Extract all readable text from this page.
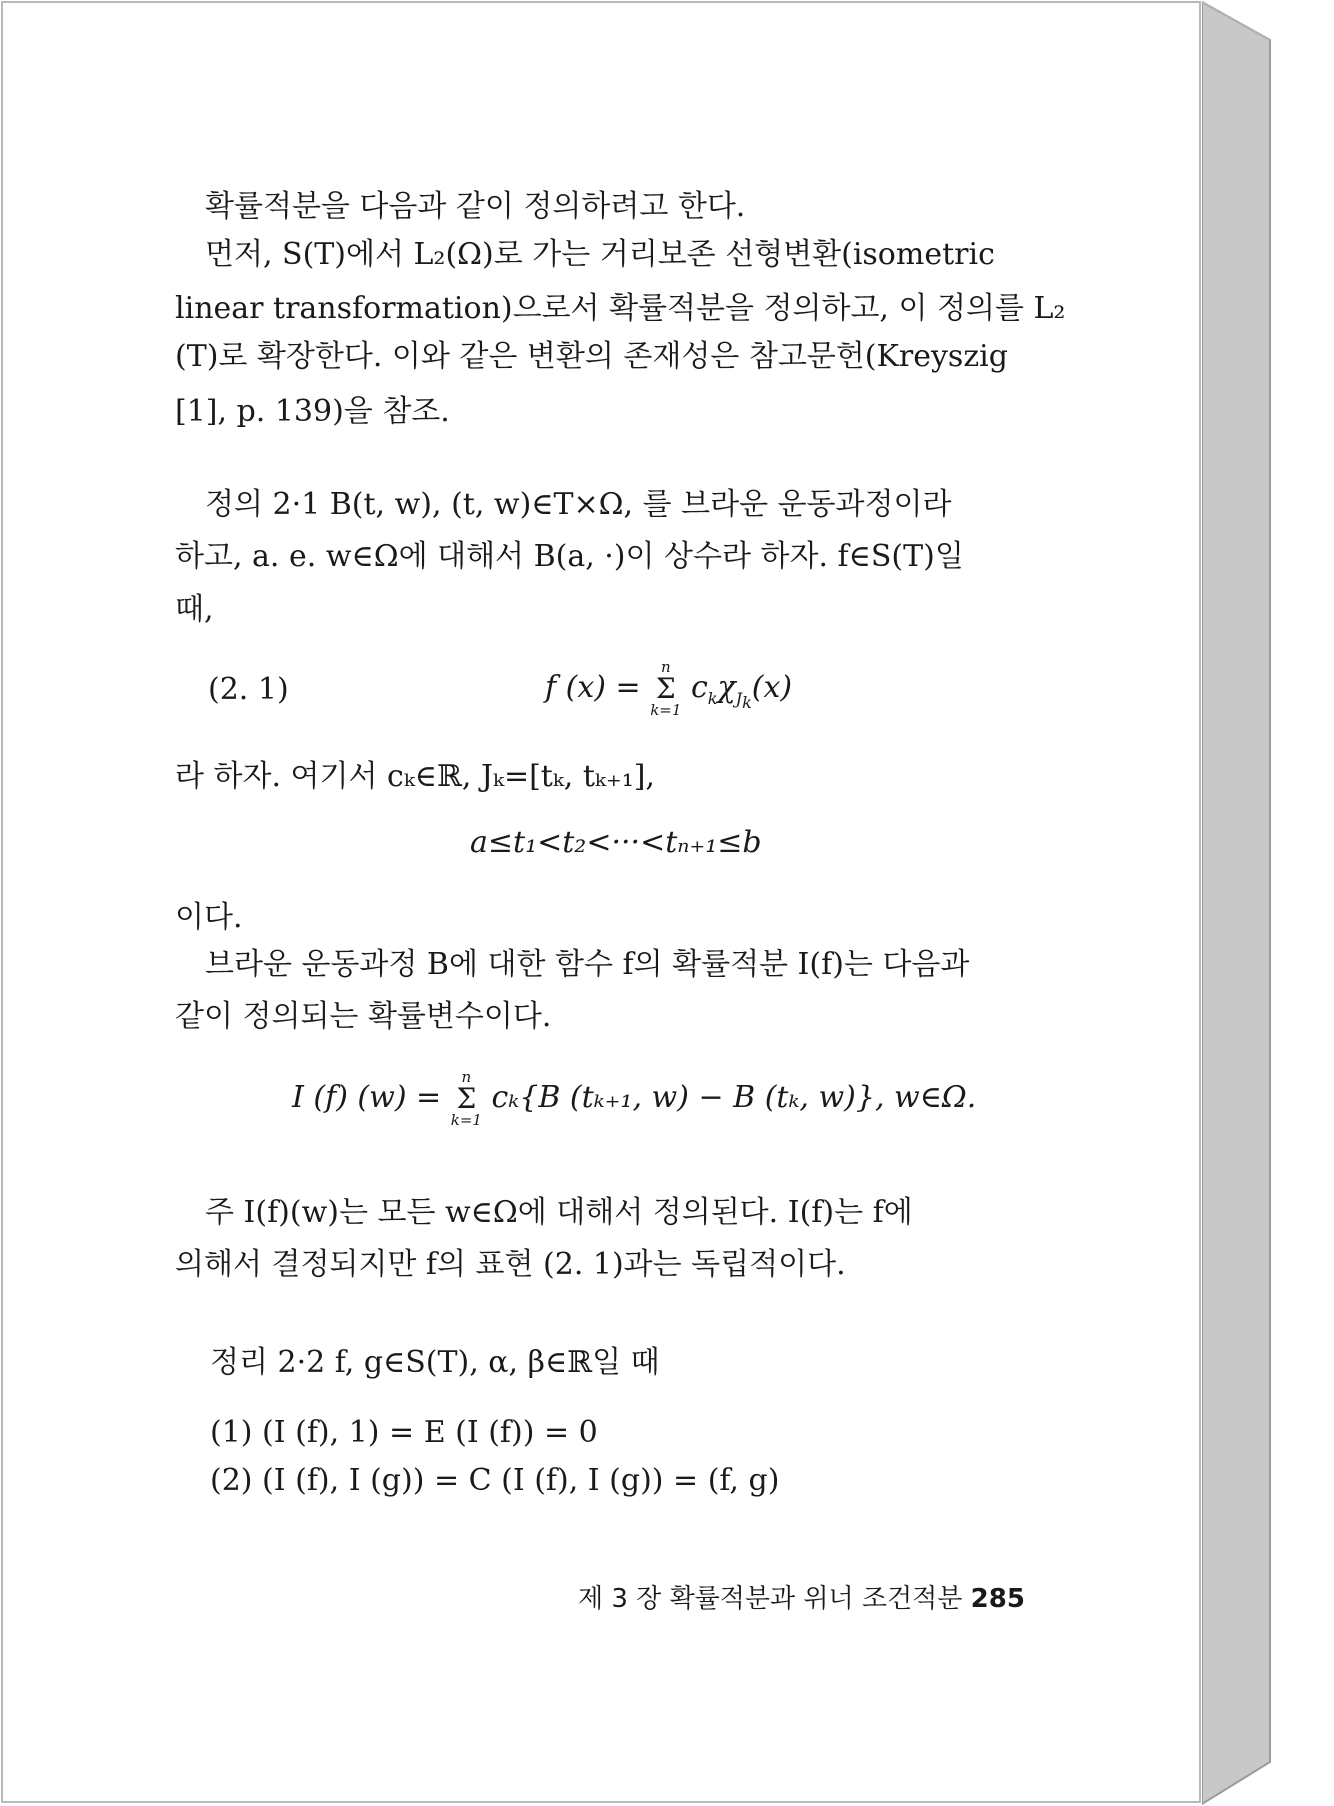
확률적분을 다음과 같이 정의하려고 한다.
먼저, S(T)에서 L₂(Ω)로 가는 거리보존 선형변환(isometric
linear transformation)으로서 확률적분을 정의하고, 이 정의를 L₂
(T)로 확장한다. 이와 같은 변환의 존재성은 참고문헌(Kreyszig
[1], p. 139)을 참조.
정의 2·1 B(t, w), (t, w)∈T×Ω, 를 브라운 운동과정이라
하고, a. e. w∈Ω에 대해서 B(a, ·)이 상수라 하자. f∈S(T)일
때,
(2. 1)	f (x) =
n
Σ
k=1
$c_k\chi_{J_k}(x)$
라 하자. 여기서 cₖ∈ℝ, Jₖ=[tₖ, tₖ₊₁],
a≤t₁<t₂<···<tₙ₊₁≤b
이다.
브라운 운동과정 B에 대한 함수 f의 확률적분 I(f)는 다음과
같이 정의되는 확률변수이다.
I (f) (w) =
n
Σ
k=1
cₖ{B (tₖ₊₁, w) − B (tₖ, w)}, w∈Ω.
주 I(f)(w)는 모든 w∈Ω에 대해서 정의된다. I(f)는 f에
의해서 결정되지만 f의 표현 (2. 1)과는 독립적이다.
정리 2·2 f, g∈S(T), α, β∈ℝ일 때
(1) (I (f), 1) = E (I (f)) = 0
(2) (I (f), I (g)) = C (I (f), I (g)) = (f, g)
제 3 장 확률적분과 위너 조건적분 285
